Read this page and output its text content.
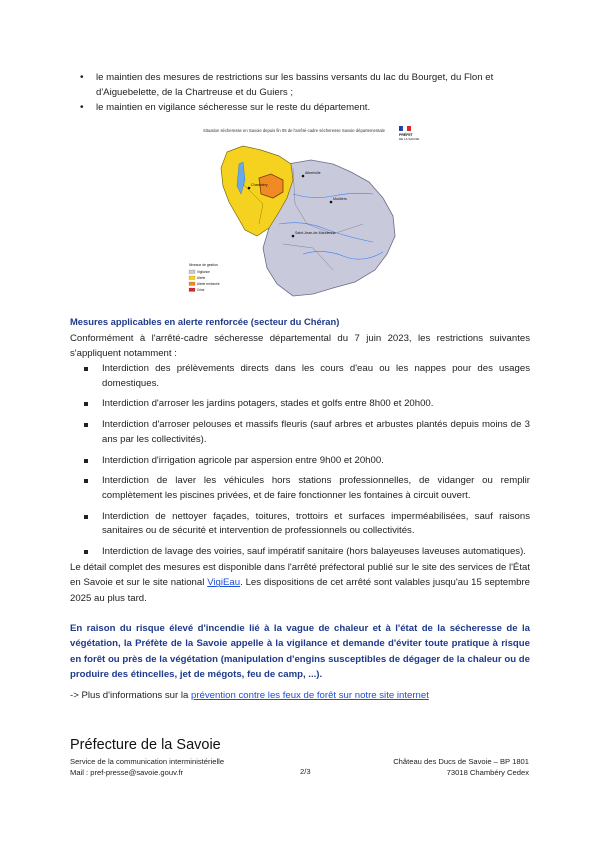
• le maintien des mesures de restrictions sur les bassins versants du lac du Bourget, du Flon et d'Aiguebelette, de la Chartreuse et du Guiers ;
• le maintien en vigilance sécheresse sur le reste du département.
Situation sécheresse en Savoie depuis fin 06 de l'arrêté-cadre sécheresse Savoie départementale
PRÉFET
DE LA SAVOIE
Chambéry
Albertville
Moûtiers
Saint-Jean-de-Maurienne
Niveaux de gestion
Vigilance
Alerte
Alerte renforcée
Crise
Mesures applicables en alerte renforcée (secteur du Chéran)
Conformément à l'arrêté-cadre sécheresse départemental du 7 juin 2023, les restrictions suivantes s'appliquent notamment :
Interdiction des prélèvements directs dans les cours d'eau ou les nappes pour des usages domestiques.
Interdiction d'arroser les jardins potagers, stades et golfs entre 8h00 et 20h00.
Interdiction d'arroser pelouses et massifs fleuris (sauf arbres et arbustes plantés depuis moins de 3 ans par les collectivités).
Interdiction d'irrigation agricole par aspersion entre 9h00 et 20h00.
Interdiction de laver les véhicules hors stations professionnelles, de vidanger ou remplir complètement les piscines privées, et de faire fonctionner les fontaines à circuit ouvert.
Interdiction de nettoyer façades, toitures, trottoirs et surfaces imperméabilisées, sauf raisons sanitaires ou de sécurité et intervention de professionnels ou collectivités.
Interdiction de lavage des voiries, sauf impératif sanitaire (hors balayeuses laveuses automatiques).
Le détail complet des mesures est disponible dans l'arrêté préfectoral publié sur le site des services de l'État en Savoie et sur le site national VigiEau. Les dispositions de cet arrêté sont valables jusqu'au 15 septembre 2025 au plus tard.
En raison du risque élevé d'incendie lié à la vague de chaleur et à l'état de la sécheresse de la végétation, la Préfète de la Savoie appelle à la vigilance et demande d'éviter toute pratique à risque en forêt ou près de la végétation (manipulation d'engins susceptibles de dégager de la chaleur ou de produire des étincelles, jet de mégots, feu de camp, ...).
-> Plus d'informations sur la prévention contre les feux de forêt sur notre site internet
Préfecture de la Savoie
Service de la communication interministérielle
Mail : pref-presse@savoie.gouv.fr	2/3
Château des Ducs de Savoie – BP 1801
73018 Chambéry Cedex
